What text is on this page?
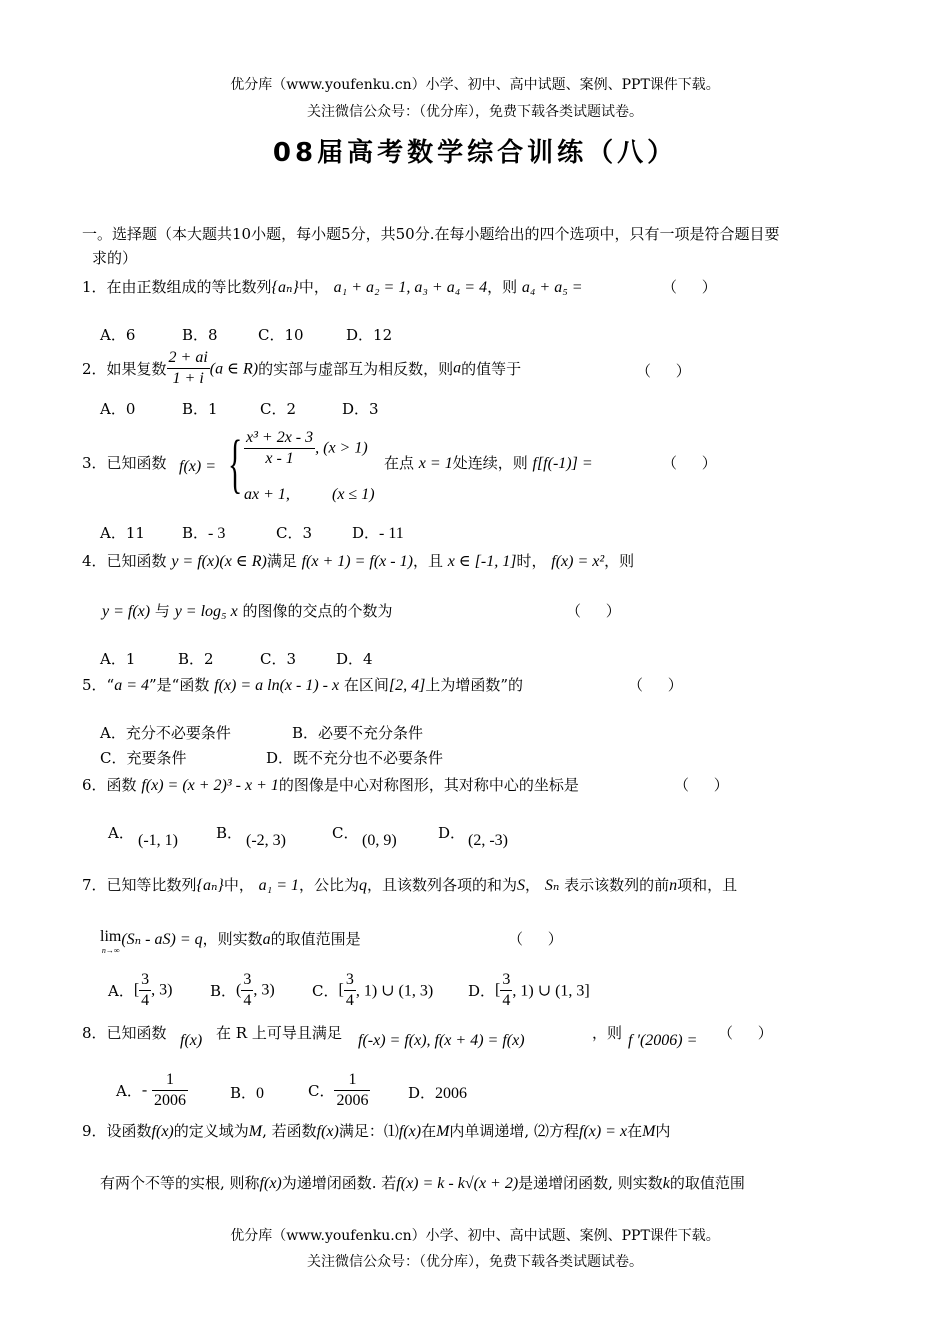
优分库（www.youfenku.cn）小学、初中、高中试题、案例、PPT课件下载。
关注微信公众号：（优分库），免费下载各类试题试卷。
08届高考数学综合训练（八）
一。选择题（本大题共10小题，每小题5分，共50分.在每小题给出的四个选项中，只有一项是符合题目要
求的）
1．在由正数组成的等比数列{aₙ}中， a₁ + a₂ = 1, a₃ + a₄ = 4，则 a₄ + a₅ =	（ ）
A．6	B．8	C．10	D．12
2．如果复数 $\frac{2 + ai}{1 + i} (a$ ∈ R)的实部与虚部互为相反数，则a的值等于	（ ）
A．0	B．1	C．2	D．3
3．已知函数 f(x) = { $\frac{\text{x³ + 2x - 3}}{x - 1}$ , (x > 1)
ax + 1,	(x ≤ 1)
在点 x = 1处连续，则 f[f(-1)] =	（ ）
A．11 B．- 3	C．3	D．- 11
4．已知函数 y = f(x)(x ∈ R)满足 f(x + 1) = f(x - 1)，且 x ∈ [-1, 1]时， f(x) = x²，则
y = f(x) 与 y = log₅ x 的图像的交点的个数为	（ ）
A．1	B．2	C．3	D．4
5．“a = 4”是“函数 f(x) = a ln(x - 1) - x 在区间[2, 4]上为增函数”的	（ ）
A．充分不必要条件	B．必要不充分条件
C．充要条件	D．既不充分也不必要条件
6．函数 f(x) = (x + 2)³ - x + 1的图像是中心对称图形，其对称中心的坐标是	（ ）
A． (-1, 1)	B． (-2, 3)	C． (0, 9)	D． (2, -3)
7．已知等比数列{aₙ}中， a₁ = 1，公比为q，且该数列各项的和为S， Sₙ 表示该数列的前n项和，且
lim
n→∞
(Sₙ - aS) = q，则实数a的取值范围是	（ ）
A．[ $\frac{3}{4}$ , 3)	B．( $\frac{3}{4}$ , 3) C．[ $\frac{3}{4}$ , 1) ∪ (1, 3) D．[ $\frac{3}{4}$ , 1) ∪ (1, 3]
8．已知函数 f(x) 在 R 上可导且满足 f(-x) = f(x), f(x + 4) = f(x)	，则 f ′(2006) = （ ）
A．- $\frac{1}{2006}$	B．0	C． $\frac{1}{2006}$	D．2006
9．设函数f(x)的定义域为M, 若函数f(x)满足：⑴f(x)在M内单调递增, ⑵方程f(x) = x在M内
有两个不等的实根, 则称f(x)为递增闭函数. 若f(x) = k - k√(x + 2)是递增闭函数, 则实数k的取值范围
优分库（www.youfenku.cn）小学、初中、高中试题、案例、PPT课件下载。
关注微信公众号：（优分库），免费下载各类试题试卷。
